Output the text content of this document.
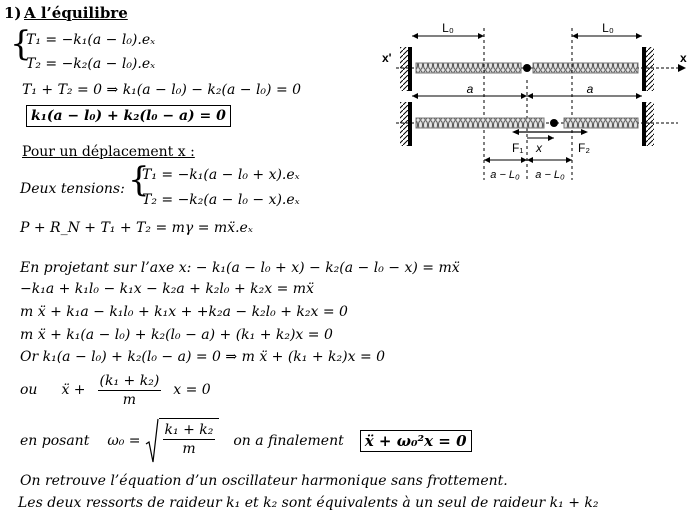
1) A l’équilibre
{
T₁ = −k₁(a − l₀).eₓ
T₂ = −k₂(a − l₀).eₓ
T₁ + T₂ = 0 ⇒ k₁(a − l₀) − k₂(a − l₀) = 0
k₁(a − l₀) + k₂(l₀ − a) = 0
Pour un déplacement x :
Deux tensions: {
T₁ = −k₁(a − l₀ + x).eₓ
T₂ = −k₂(a − l₀ − x).eₓ
P + R_N + T₁ + T₂ = mγ = mẍ.eₓ
En projetant sur l’axe x: − k₁(a − l₀ + x) − k₂(a − l₀ − x) = mẍ
−k₁a + k₁l₀ − k₁x − k₂a + k₂l₀ + k₂x = mẍ
m ẍ + k₁a − k₁l₀ + k₁x + +k₂a − k₂l₀ + k₂x = 0
m ẍ + k₁(a − l₀) + k₂(l₀ − a) + (k₁ + k₂)x = 0
Or k₁(a − l₀) + k₂(l₀ − a) = 0 ⇒ m ẍ + (k₁ + k₂)x = 0
ou ẍ + $\frac{\text{(k₁ + k₂)}}{m}$ x = 0
en posant $\omega_0 = \frac{\text{k₁ + k₂}}{m}$ on a finalement	ẍ + ω₀²x = 0
On retrouve l’équation d’un oscillateur harmonique sans frottement.
Les deux ressorts de raideur k₁ et k₂ sont équivalents à un seul de raideur k₁ + k₂
L₀	L₀
x'	x
a	a
F₁	F₂
x
a − L₀ a − L₀
